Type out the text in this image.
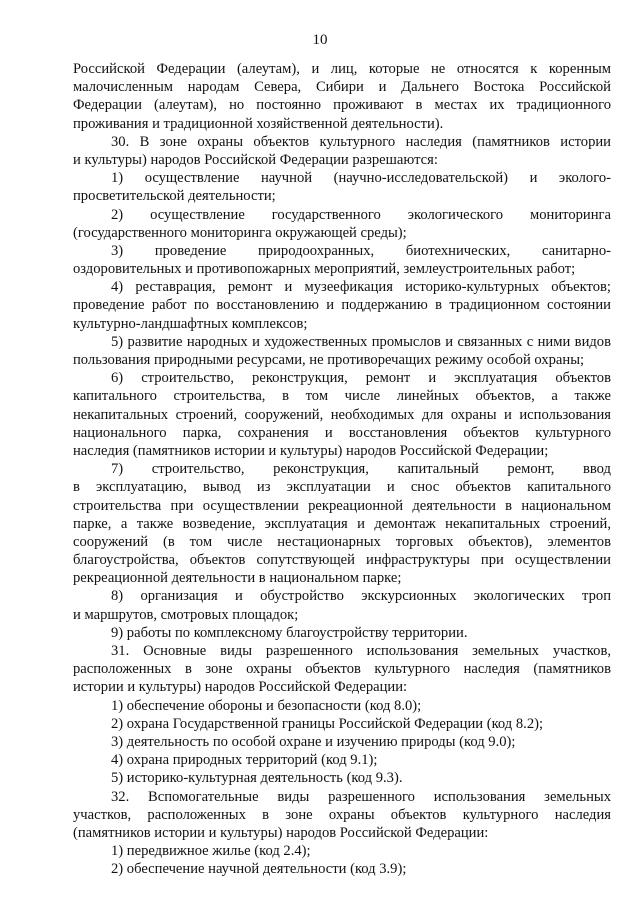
10
Российской Федерации (алеутам), и лиц, которые не относятся к коренным
малочисленным народам Севера, Сибири и Дальнего Востока Российской
Федерации (алеутам), но постоянно проживают в местах их традиционного
проживания и традиционной хозяйственной деятельности).
30. В зоне охраны объектов культурного наследия (памятников истории
и культуры) народов Российской Федерации разрешаются:
1) осуществление научной (научно-исследовательской) и эколого-
просветительской деятельности;
2) осуществление государственного экологического мониторинга
(государственного мониторинга окружающей среды);
3) проведение природоохранных, биотехнических, санитарно-
оздоровительных и противопожарных мероприятий, землеустроительных работ;
4) реставрация, ремонт и музеефикация историко-культурных объектов;
проведение работ по восстановлению и поддержанию в традиционном состоянии
культурно-ландшафтных комплексов;
5) развитие народных и художественных промыслов и связанных с ними видов
пользования природными ресурсами, не противоречащих режиму особой охраны;
6) строительство, реконструкция, ремонт и эксплуатация объектов
капитального строительства, в том числе линейных объектов, а также
некапитальных строений, сооружений, необходимых для охраны и использования
национального парка, сохранения и восстановления объектов культурного
наследия (памятников истории и культуры) народов Российской Федерации;
7) строительство, реконструкция, капитальный ремонт, ввод
в эксплуатацию, вывод из эксплуатации и снос объектов капитального
строительства при осуществлении рекреационной деятельности в национальном
парке, а также возведение, эксплуатация и демонтаж некапитальных строений,
сооружений (в том числе нестационарных торговых объектов), элементов
благоустройства, объектов сопутствующей инфраструктуры при осуществлении
рекреационной деятельности в национальном парке;
8) организация и обустройство экскурсионных экологических троп
и маршрутов, смотровых площадок;
9) работы по комплексному благоустройству территории.
31. Основные виды разрешенного использования земельных участков,
расположенных в зоне охраны объектов культурного наследия (памятников
истории и культуры) народов Российской Федерации:
1) обеспечение обороны и безопасности (код 8.0);
2) охрана Государственной границы Российской Федерации (код 8.2);
3) деятельность по особой охране и изучению природы (код 9.0);
4) охрана природных территорий (код 9.1);
5) историко-культурная деятельность (код 9.3).
32. Вспомогательные виды разрешенного использования земельных
участков, расположенных в зоне охраны объектов культурного наследия
(памятников истории и культуры) народов Российской Федерации:
1) передвижное жилье (код 2.4);
2) обеспечение научной деятельности (код 3.9);
